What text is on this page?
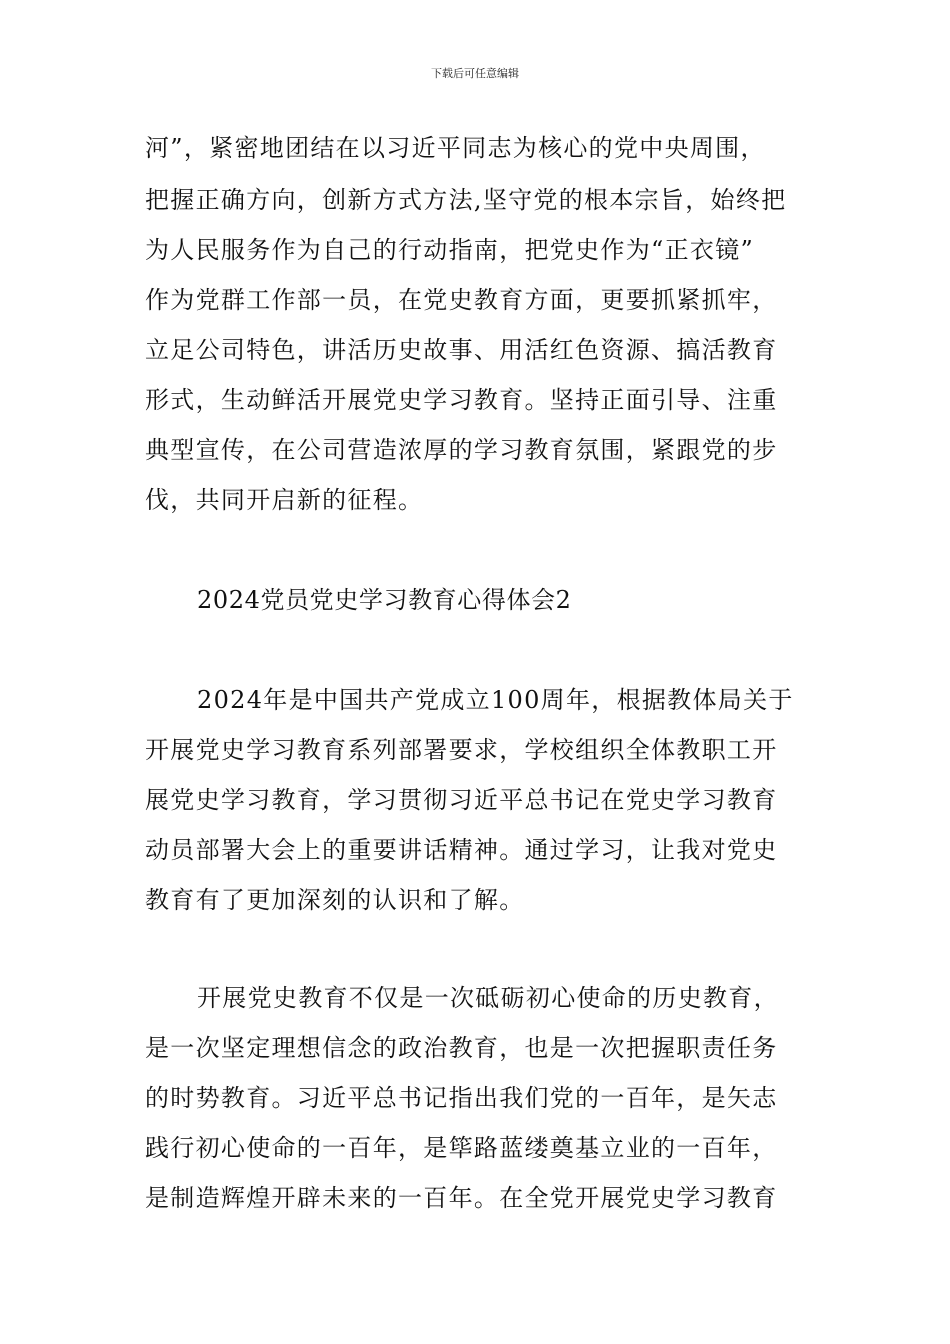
下载后可任意编辑
河”，紧密地团结在以习近平同志为核心的党中央周围，
把握正确方向，创新方式方法,坚守党的根本宗旨，始终把
为人民服务作为自己的行动指南，把党史作为“正衣镜”
作为党群工作部一员，在党史教育方面，更要抓紧抓牢，
立足公司特色，讲活历史故事、用活红色资源、搞活教育
形式，生动鲜活开展党史学习教育。坚持正面引导、注重
典型宣传，在公司营造浓厚的学习教育氛围，紧跟党的步
伐，共同开启新的征程。
2024党员党史学习教育心得体会2
2024年是中国共产党成立100周年，根据教体局关于
开展党史学习教育系列部署要求，学校组织全体教职工开
展党史学习教育，学习贯彻习近平总书记在党史学习教育
动员部署大会上的重要讲话精神。通过学习，让我对党史
教育有了更加深刻的认识和了解。
开展党史教育不仅是一次砥砺初心使命的历史教育，
是一次坚定理想信念的政治教育，也是一次把握职责任务
的时势教育。习近平总书记指出我们党的一百年，是矢志
践行初心使命的一百年，是筚路蓝缕奠基立业的一百年，
是制造辉煌开辟未来的一百年。在全党开展党史学习教育
